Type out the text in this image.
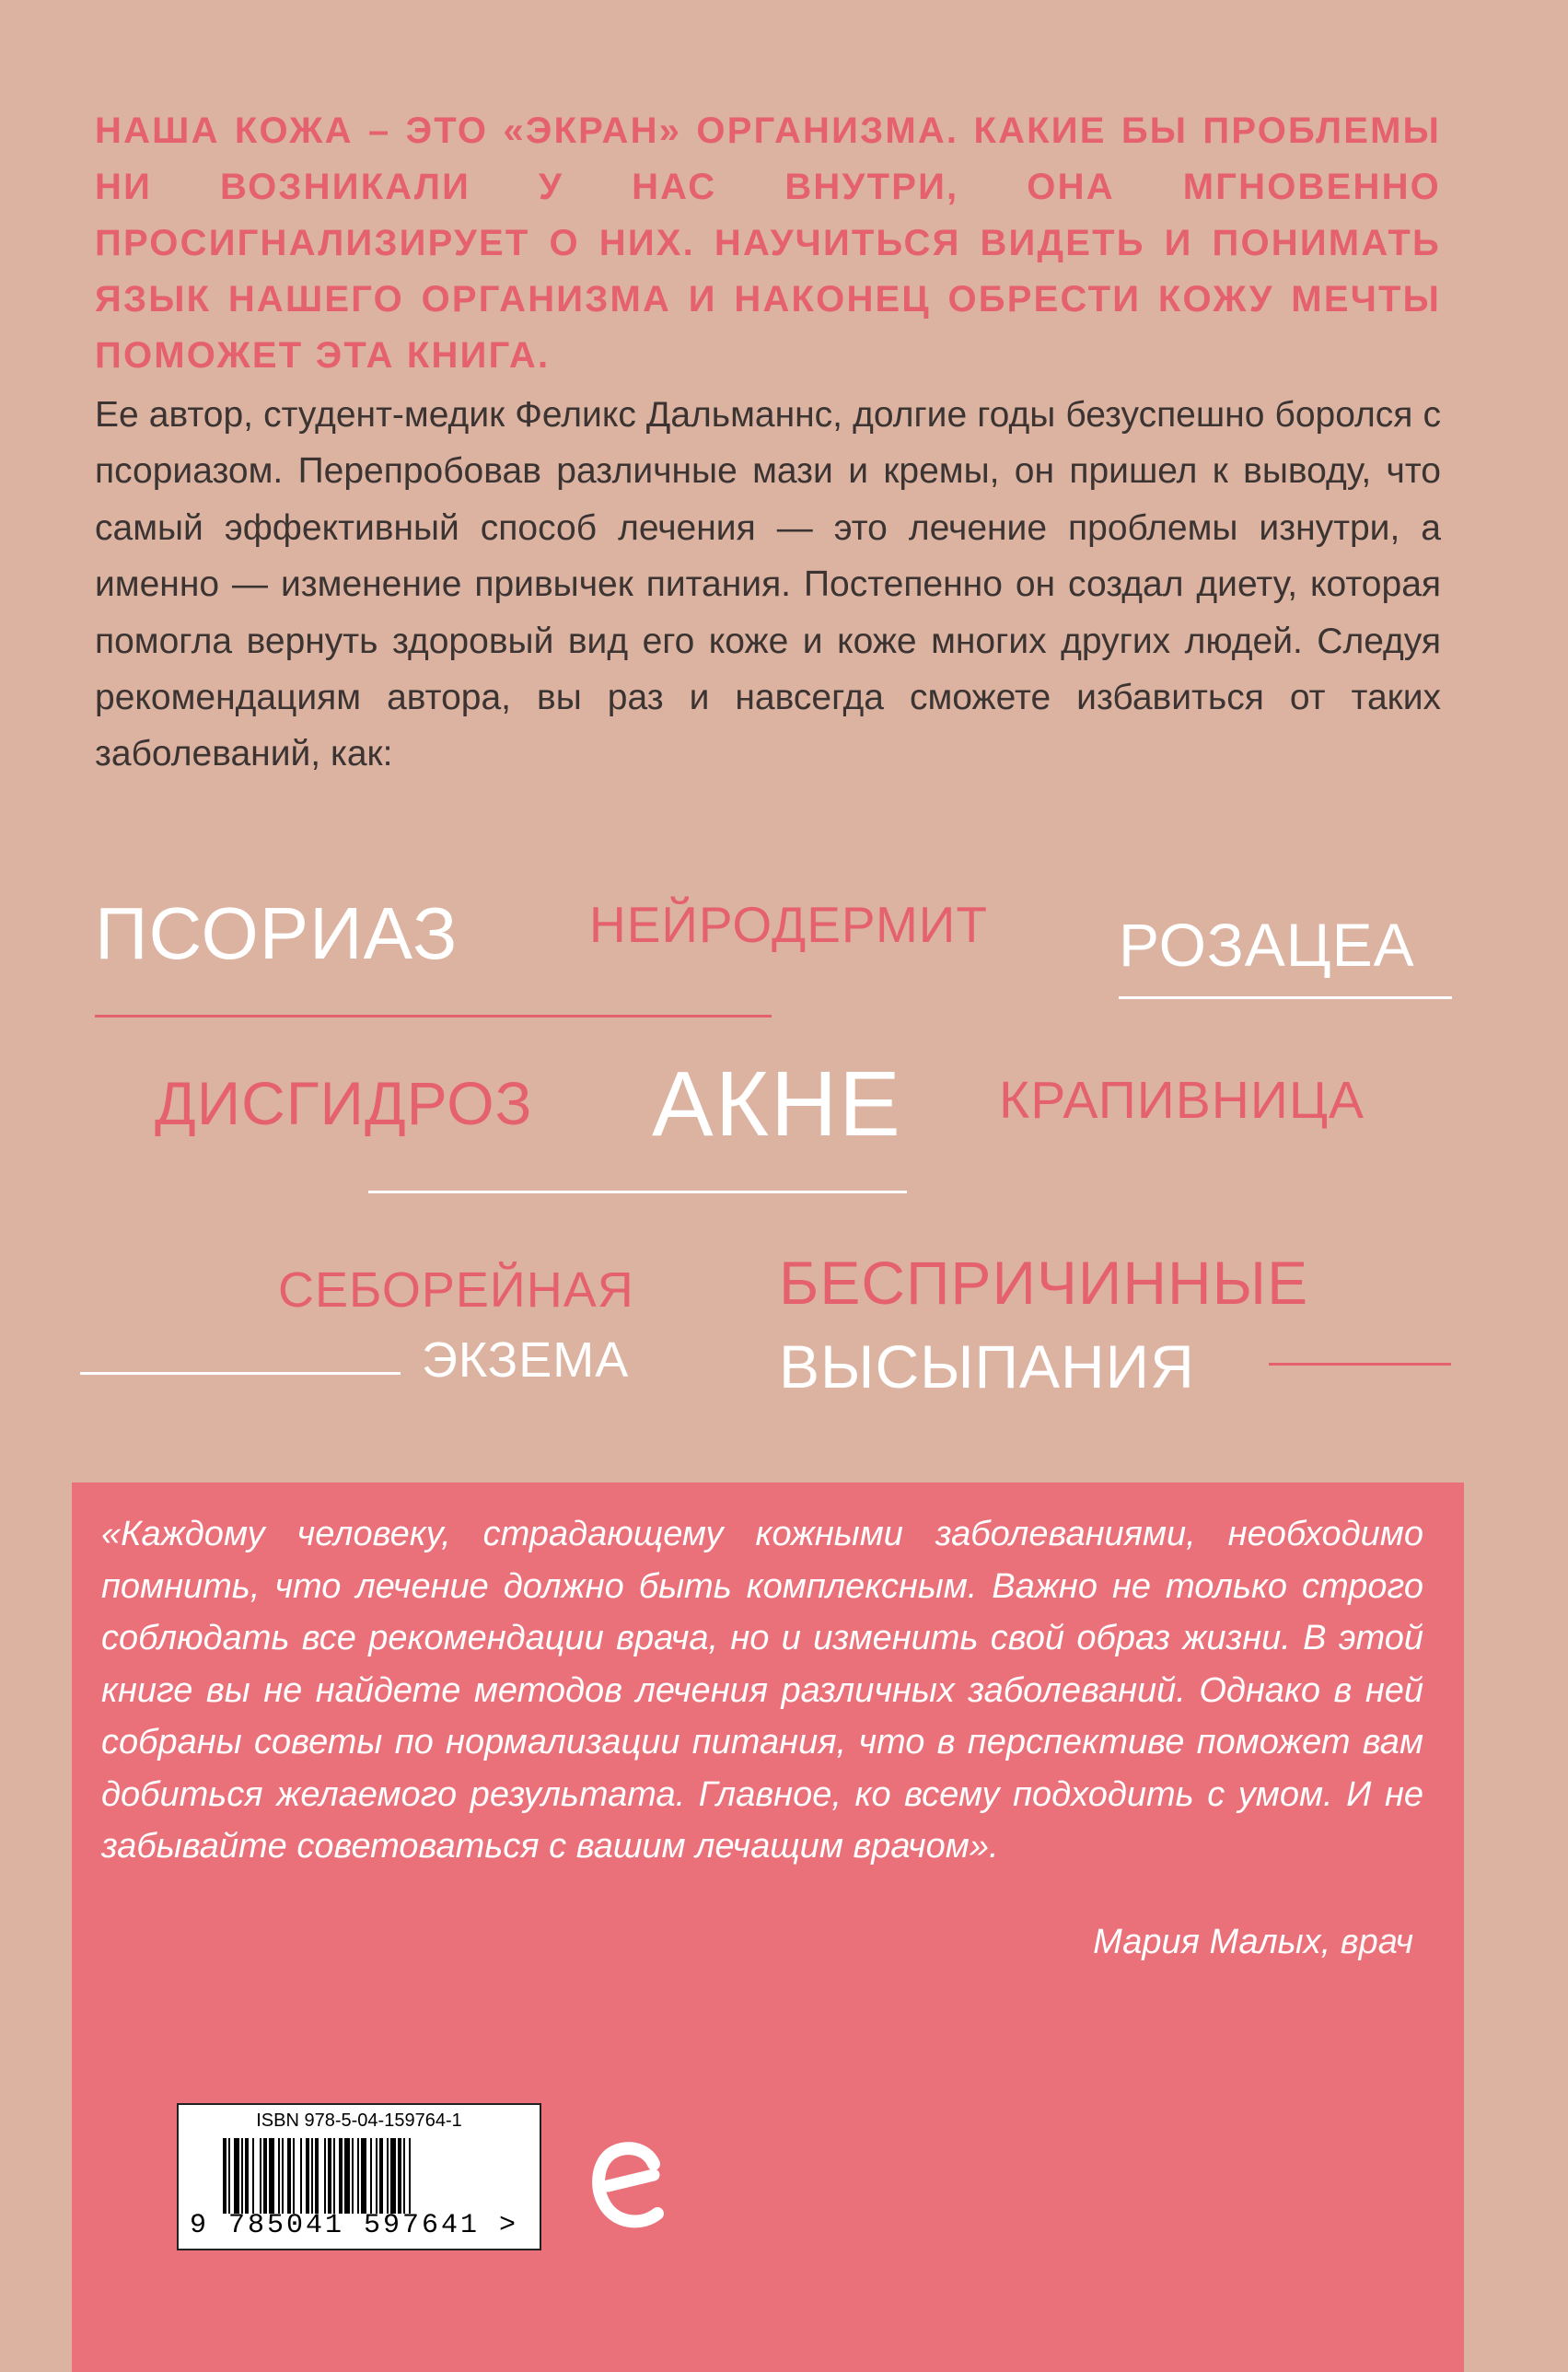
НАША КОЖА – ЭТО «ЭКРАН» ОРГАНИЗМА. КАКИЕ БЫ ПРОБЛЕМЫ НИ ВОЗНИКАЛИ У НАС ВНУТРИ, ОНА МГНОВЕННО ПРОСИГНАЛИЗИРУЕТ О НИХ. НАУЧИТЬСЯ ВИДЕТЬ И ПОНИМАТЬ ЯЗЫК НАШЕГО ОРГАНИЗМА И НАКОНЕЦ ОБРЕСТИ КОЖУ МЕЧТЫ ПОМОЖЕТ ЭТА КНИГА.
Ее автор, студент-медик Феликс Дальманнс, долгие годы безуспешно боролся с псориазом. Перепробовав различные мази и кремы, он пришел к выводу, что самый эффективный способ лечения — это лечение проблемы изнутри, а именно — изменение привычек питания. Постепенно он создал диету, которая помогла вернуть здоровый вид его коже и коже многих других людей. Следуя рекомендациям автора, вы раз и навсегда сможете избавиться от таких заболеваний, как:
ПСОРИАЗ	НЕЙРОДЕРМИТ РОЗАЦЕА
ДИСГИДРОЗ АКНЕ КРАПИВНИЦА
СЕБОРЕЙНАЯ
ЭКЗЕМА
БЕСПРИЧИННЫЕ
ВЫСЫПАНИЯ
«Каждому человеку, страдающему кожными заболеваниями, необходимо помнить, что лечение должно быть комплексным. Важно не только строго соблюдать все рекомендации врача, но и изменить свой образ жизни. В этой книге вы не найдете методов лечения различных заболеваний. Однако в ней собраны советы по нормализации питания, что в перспективе поможет вам добиться желаемого результата. Главное, ко всему подходить с умом. И не забывайте советоваться с вашим лечащим врачом».
Мария Малых, врач
ISBN 978-5-04-159764-1
9 785041 597641 >
